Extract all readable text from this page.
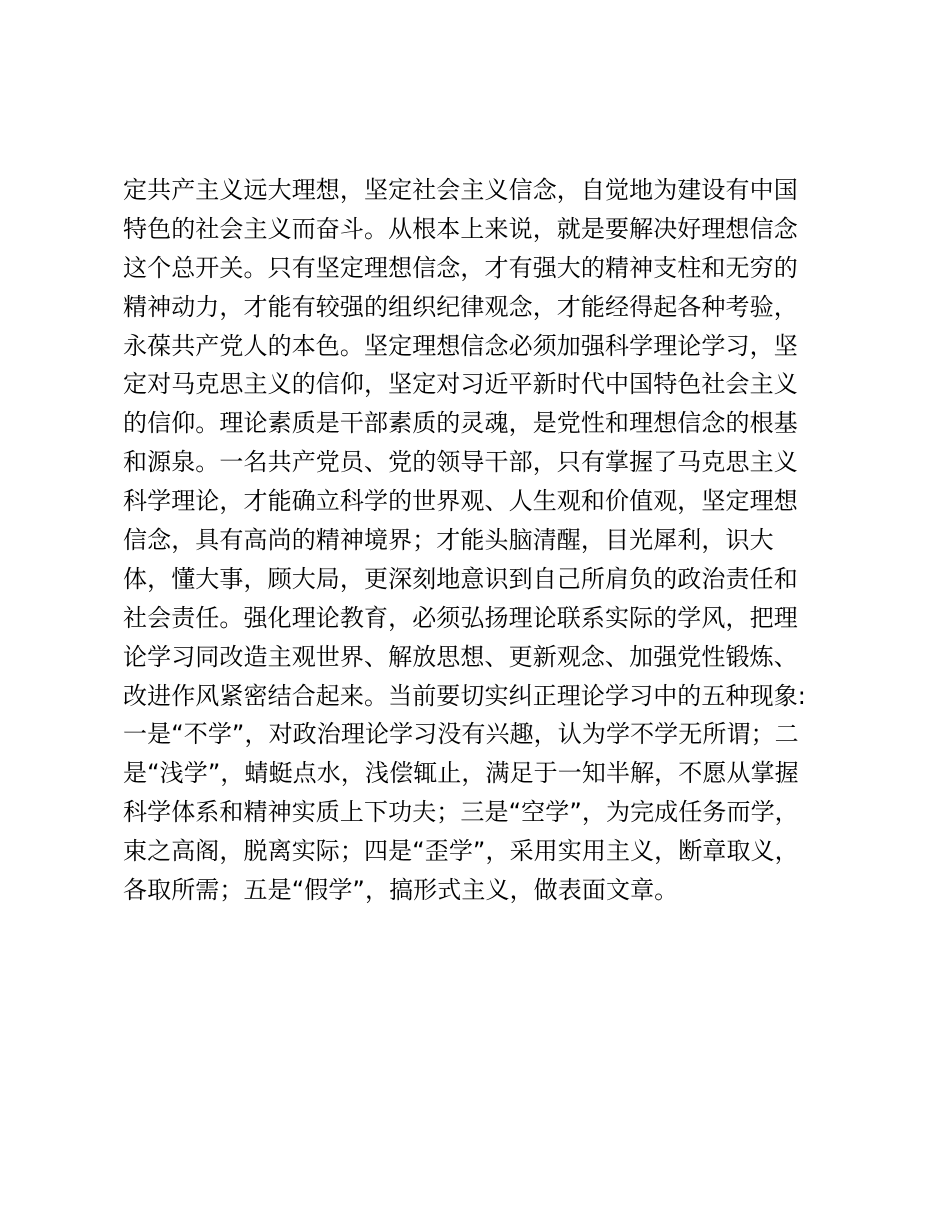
定共产主义远大理想，坚定社会主义信念，自觉地为建设有中国
特色的社会主义而奋斗。从根本上来说，就是要解决好理想信念
这个总开关。只有坚定理想信念，才有强大的精神支柱和无穷的
精神动力，才能有较强的组织纪律观念，才能经得起各种考验，
永葆共产党人的本色。坚定理想信念必须加强科学理论学习，坚
定对马克思主义的信仰，坚定对习近平新时代中国特色社会主义
的信仰。理论素质是干部素质的灵魂，是党性和理想信念的根基
和源泉。一名共产党员、党的领导干部，只有掌握了马克思主义
科学理论，才能确立科学的世界观、人生观和价值观，坚定理想
信念，具有高尚的精神境界；才能头脑清醒，目光犀利，识大
体，懂大事，顾大局，更深刻地意识到自己所肩负的政治责任和
社会责任。强化理论教育，必须弘扬理论联系实际的学风，把理
论学习同改造主观世界、解放思想、更新观念、加强党性锻炼、
改进作风紧密结合起来。当前要切实纠正理论学习中的五种现象:
一是“不学”，对政治理论学习没有兴趣，认为学不学无所谓；二
是“浅学”，蜻蜓点水，浅偿辄止，满足于一知半解，不愿从掌握
科学体系和精神实质上下功夫；三是“空学”，为完成任务而学，
束之高阁，脱离实际；四是“歪学”，采用实用主义，断章取义，
各取所需；五是“假学”，搞形式主义，做表面文章。
